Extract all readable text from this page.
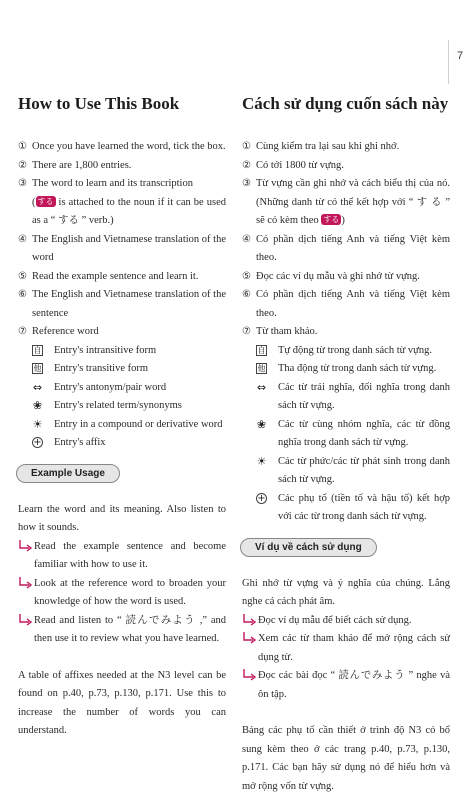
7
How to Use This Book
① Once you have learned the word, tick the box.
② There are 1,800 entries.
③ The word to learn and its transcription
( する is attached to the noun if it can be used as a “ する ” verb.)
④ The English and Vietnamese translation of the word
⑤ Read the example sentence and learn it.
⑥ The English and Vietnamese translation of the sentence
⑦ Reference word
自 Entry's intransitive form
他 Entry's transitive form
⇔ Entry's antonym/pair word
❀ Entry's related term/synonyms
☀ Entry in a compound or derivative word
+ Entry's affix
Example Usage
Learn the word and its meaning. Also listen to how it sounds.
Read the example sentence and become familiar with how to use it.
Look at the reference word to broaden your knowledge of how the word is used.
Read and listen to “ 読んでみよう ,” and then use it to review what you have learned.
A table of affixes needed at the N3 level can be found on p.40, p.73, p.130, p.171. Use this to increase the number of words you can understand.
Cách sử dụng cuốn sách này
① Cùng kiểm tra lại sau khi ghi nhớ.
② Có tới 1800 từ vựng.
③ Từ vựng cần ghi nhớ và cách biểu thị của nó. (Những danh từ có thể kết hợp với “ す る ” sẽ có kèm theo する )
④ Có phần dịch tiếng Anh và tiếng Việt kèm theo.
⑤ Đọc các ví dụ mẫu và ghi nhớ từ vựng.
⑥ Có phần dịch tiếng Anh và tiếng Việt kèm theo.
⑦ Từ tham khảo.
自 Tự động từ trong danh sách từ vựng.
他 Tha động từ trong danh sách từ vựng.
⇔ Các từ trái nghĩa, đối nghĩa trong danh sách từ vựng.
❀ Các từ cùng nhóm nghĩa, các từ đồng nghĩa trong danh sách từ vựng.
☀ Các từ phức/các từ phát sinh trong danh sách từ vựng.
+ Các phụ tố (tiền tố và hậu tố) kết hợp với các từ trong danh sách từ vựng.
Ví dụ về cách sử dụng
Ghi nhớ từ vựng và ý nghĩa của chúng. Lắng nghe cả cách phát âm.
Đọc ví dụ mẫu để biết cách sử dụng.
Xem các từ tham khảo để mở rộng cách sử dụng từ.
Đọc các bài đọc “ 読んでみよう ” nghe và ôn tập.
Bảng các phụ tố cần thiết ở trình độ N3 có bổ sung kèm theo ở các trang p.40, p.73, p.130, p.171. Các bạn hãy sử dụng nó để hiểu hơn và mở rộng vốn từ vựng.
